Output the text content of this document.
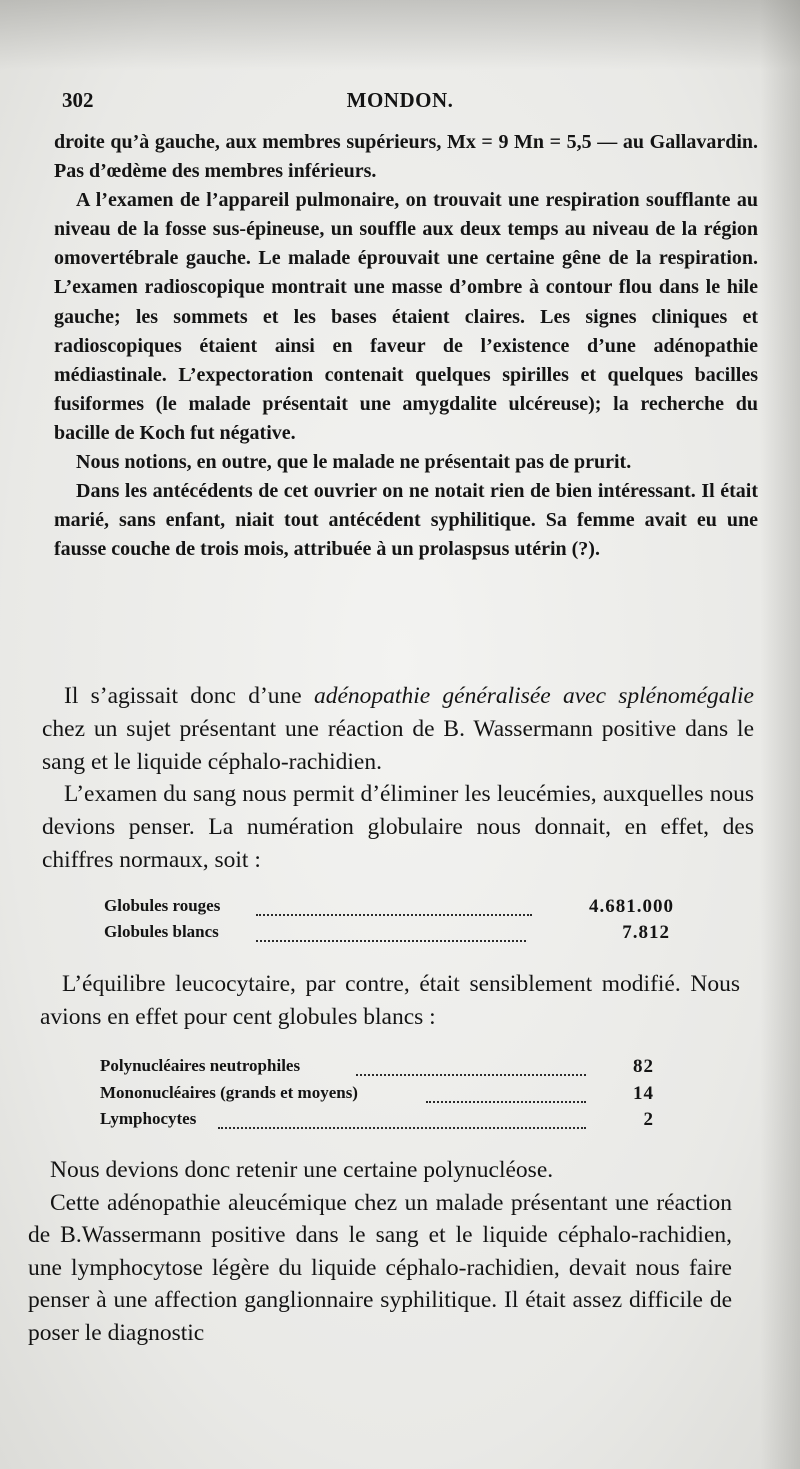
MONDON.
302

droite qu’à gauche, aux membres supérieurs, Mx = 9 Mn = 5,5 — au Gallavardin. Pas d’œdème des membres inférieurs.

A l’examen de l’appareil pulmonaire, on trouvait une respiration soufflante au niveau de la fosse sus-épineuse, un souffle aux deux temps au niveau de la région omovertébrale gauche. Le malade éprouvait une certaine gêne de la respiration. L’examen radioscopique montrait une masse d’ombre à contour flou dans le hile gauche; les sommets et les bases étaient claires. Les signes cliniques et radioscopiques étaient ainsi en faveur de l’existence d’une adénopathie médiastinale. L’expectoration contenait quelques spirilles et quelques bacilles fusiformes (le malade présentait une amygdalite ulcéreuse); la recherche du bacille de Koch fut négative.

Nous notions, en outre, que le malade ne présentait pas de prurit.

Dans les antécédents de cet ouvrier on ne notait rien de bien intéressant. Il était marié, sans enfant, niait tout antécédent syphilitique. Sa femme avait eu une fausse couche de trois mois, attribuée à un prolaspsus utérin (?).

Il s’agissait donc d’une adénopathie généralisée avec splénomégalie chez un sujet présentant une réaction de B. Wassermann positive dans le sang et le liquide céphalo-rachidien.

L’examen du sang nous permit d’éliminer les leucémies, auxquelles nous devions penser. La numération globulaire nous donnait, en effet, des chiffres normaux, soit :

Globules rouges	4.681.000
Globules blancs	7.812

L’équilibre leucocytaire, par contre, était sensiblement modifié. Nous avions en effet pour cent globules blancs :

Polynucléaires neutrophiles	82
Mononucléaires (grands et moyens)	14
Lymphocytes	2

Nous devions donc retenir une certaine polynucléose.

Cette adénopathie aleucémique chez un malade présentant une réaction de B.Wassermann positive dans le sang et le liquide céphalo-rachidien, une lymphocytose légère du liquide céphalo-rachidien, devait nous faire penser à une affection ganglionnaire syphilitique. Il était assez difficile de poser le diagnostic
